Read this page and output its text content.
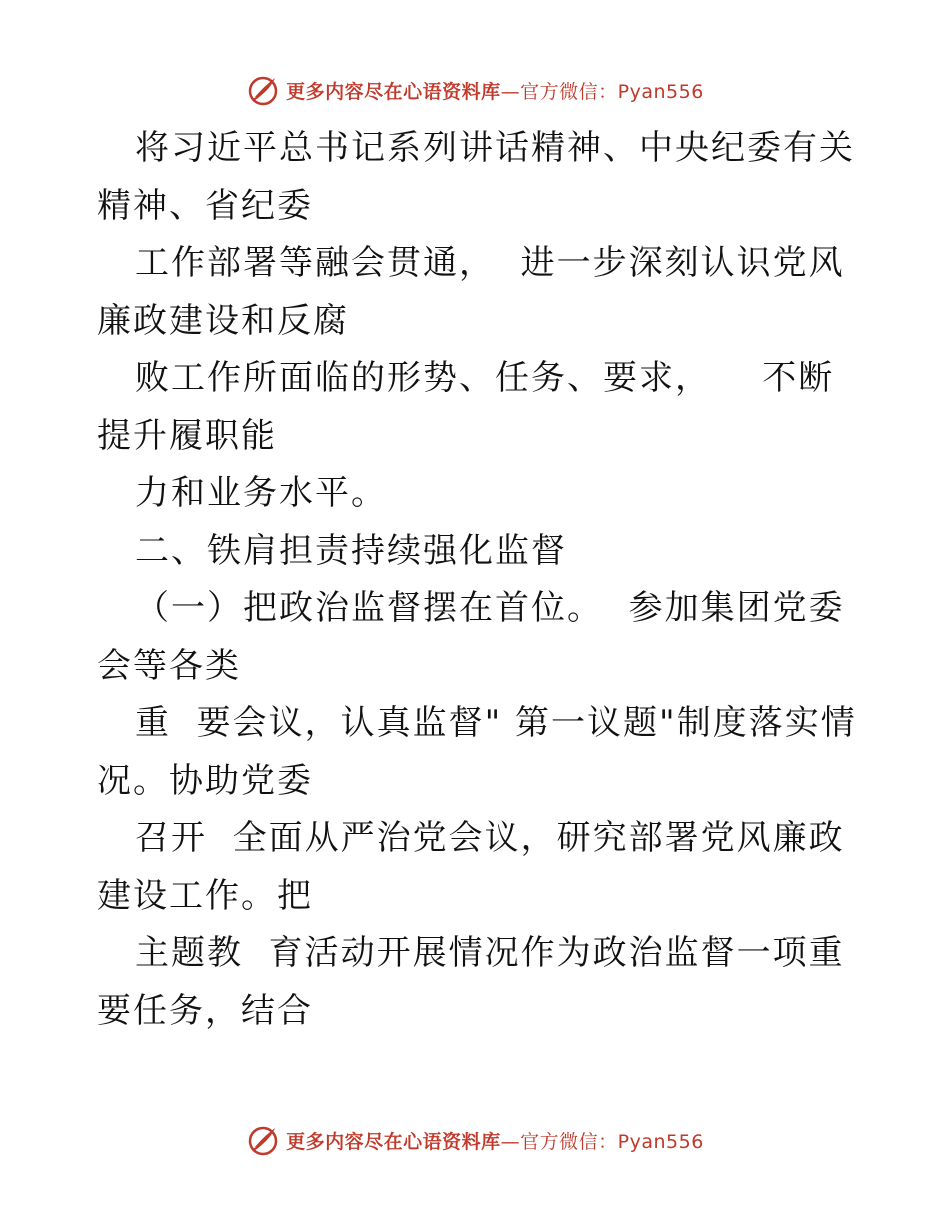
更多内容尽在心语资料库—官方微信：Pyan556

将习近平总书记系列讲话精神、中央纪委有关精神、省纪委

工作部署等融会贯通，  进一步深刻认识党风廉政建设和反腐

败工作所面临的形势、任务、要求，    不断提升履职能

力和业务水平。

二、铁肩担责持续强化监督

（一）把政治监督摆在首位。  参加集团党委会等各类

重  要会议，认真监督" 第一议题"制度落实情况。协助党委

召开  全面从严治党会议，研究部署党风廉政建设工作。把

主题教  育活动开展情况作为政治监督一项重要任务，结合

更多内容尽在心语资料库—官方微信：Pyan556
